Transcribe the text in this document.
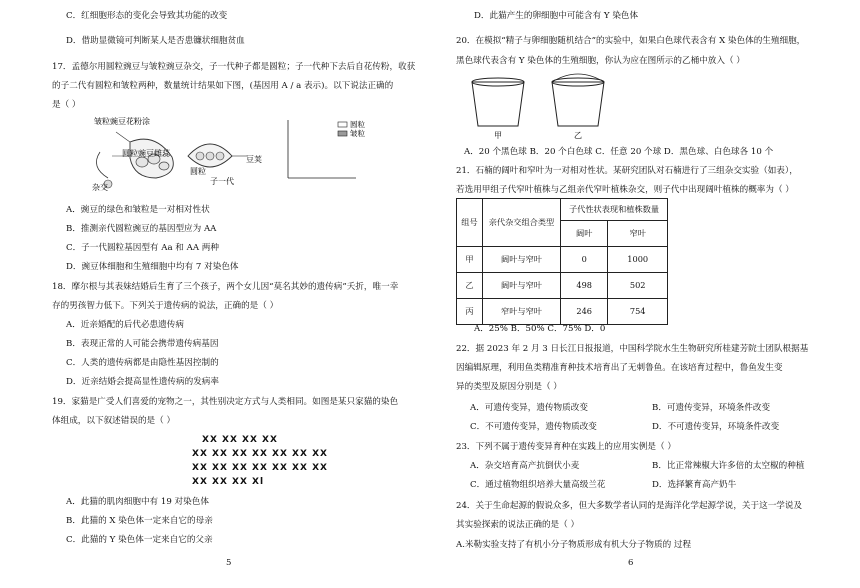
C．红细胞形态的变化会导致其功能的改变
D．借助显微镜可判断某人是否患镰状细胞贫血
17．孟德尔用圆粒豌豆与皱粒豌豆杂交，子一代种子都是圆粒；子一代种下去后自花传粉，收获
的子二代有圆粒和皱粒两种，数量统计结果如下图，(基因用 A / a 表示)。以下说法正确的
是（ ）
皱粒豌豆花粉涂
圆粒豌豆雌蕊
杂交
子一代
圆粒
豆荚
圆粒
皱粒
A．豌豆的绿色和皱粒是一对相对性状
B．推测亲代圆粒豌豆的基因型应为 AA
C．子一代圆粒基因型有 Aa 和 AA 两种
D．豌豆体细胞和生殖细胞中均有 7 对染色体
18．摩尔根与其表妹结婚后生育了三个孩子，两个女儿因“莫名其妙的遗传病”夭折，唯一幸
存的男孩智力低下。下列关于遗传病的说法，正确的是（ ）
A．近亲婚配的后代必患遗传病
B．表现正常的人可能会携带遗传病基因
C．人类的遗传病都是由隐性基因控制的
D．近亲结婚会提高显性遗传病的发病率
19．家猫是广受人们喜爱的宠物之一，其性别决定方式与人类相同。如图是某只家猫的染色
体组成，以下叙述错误的是（ ）
XX XX XX XX
XX XX XX XX XX XX XX
XX XX XX XX XX XX XX
XX XX XX Xl
A．此猫的肌肉细胞中有 19 对染色体
B．此猫的 X 染色体一定来自它的母亲
C．此猫的 Y 染色体一定来自它的父亲
5
D．此猫产生的卵细胞中可能含有 Y 染色体
20．在模拟“精子与卵细胞随机结合”的实验中，如果白色球代表含有 X 染色体的生殖细胞，
黑色球代表含有 Y 染色体的生殖细胞，你认为应在图所示的乙桶中放入（ ）
甲	乙
A．20 个黑色球 B．20 个白色球 C．任意 20 个球 D．黑色球、白色球各 10 个
21．石楠的阔叶和窄叶为一对相对性状。某研究团队对石楠进行了三组杂交实验（如表），
若选用甲组子代窄叶植株与乙组亲代窄叶植株杂交，则子代中出现阔叶植株的概率为（ ）
组号	亲代杂交组合类型	子代性状表现和植株数量	
		阔叶	窄叶
甲	阔叶与窄叶	0	1000
乙	阔叶与窄叶	498	502
丙	窄叶与窄叶	246	754
A．25% B．50% C．75% D．0
22．据 2023 年 2 月 3 日长江日报报道，中国科学院水生生物研究所桂建芳院士团队根据基
因编辑原理，利用鱼类精准育种技术培育出了无刺鲁鱼。在该培育过程中，鲁鱼发生变
异的类型及原因分别是（ ）
A．可遗传变异，遗传物质改变	B．可遗传变异，环境条件改变
C．不可遗传变异，遗传物质改变	D．不可遗传变异，环境条件改变
23．下列不属于遗传变异育种在实践上的应用实例是（ ）
A．杂交培育高产抗倒伏小麦	B．比正常辣椒大许多倍的太空椒的种植
C．通过植物组织培养大量高级兰花	D．选择繁育高产奶牛
24．关于生命起源的假说众多，但大多数学者认同的是海洋化学起源学说，关于这一学说及
其实验探索的说法正确的是（ ）
A.米勒实验支持了有机小分子物质形成有机大分子物质的 过程
6
